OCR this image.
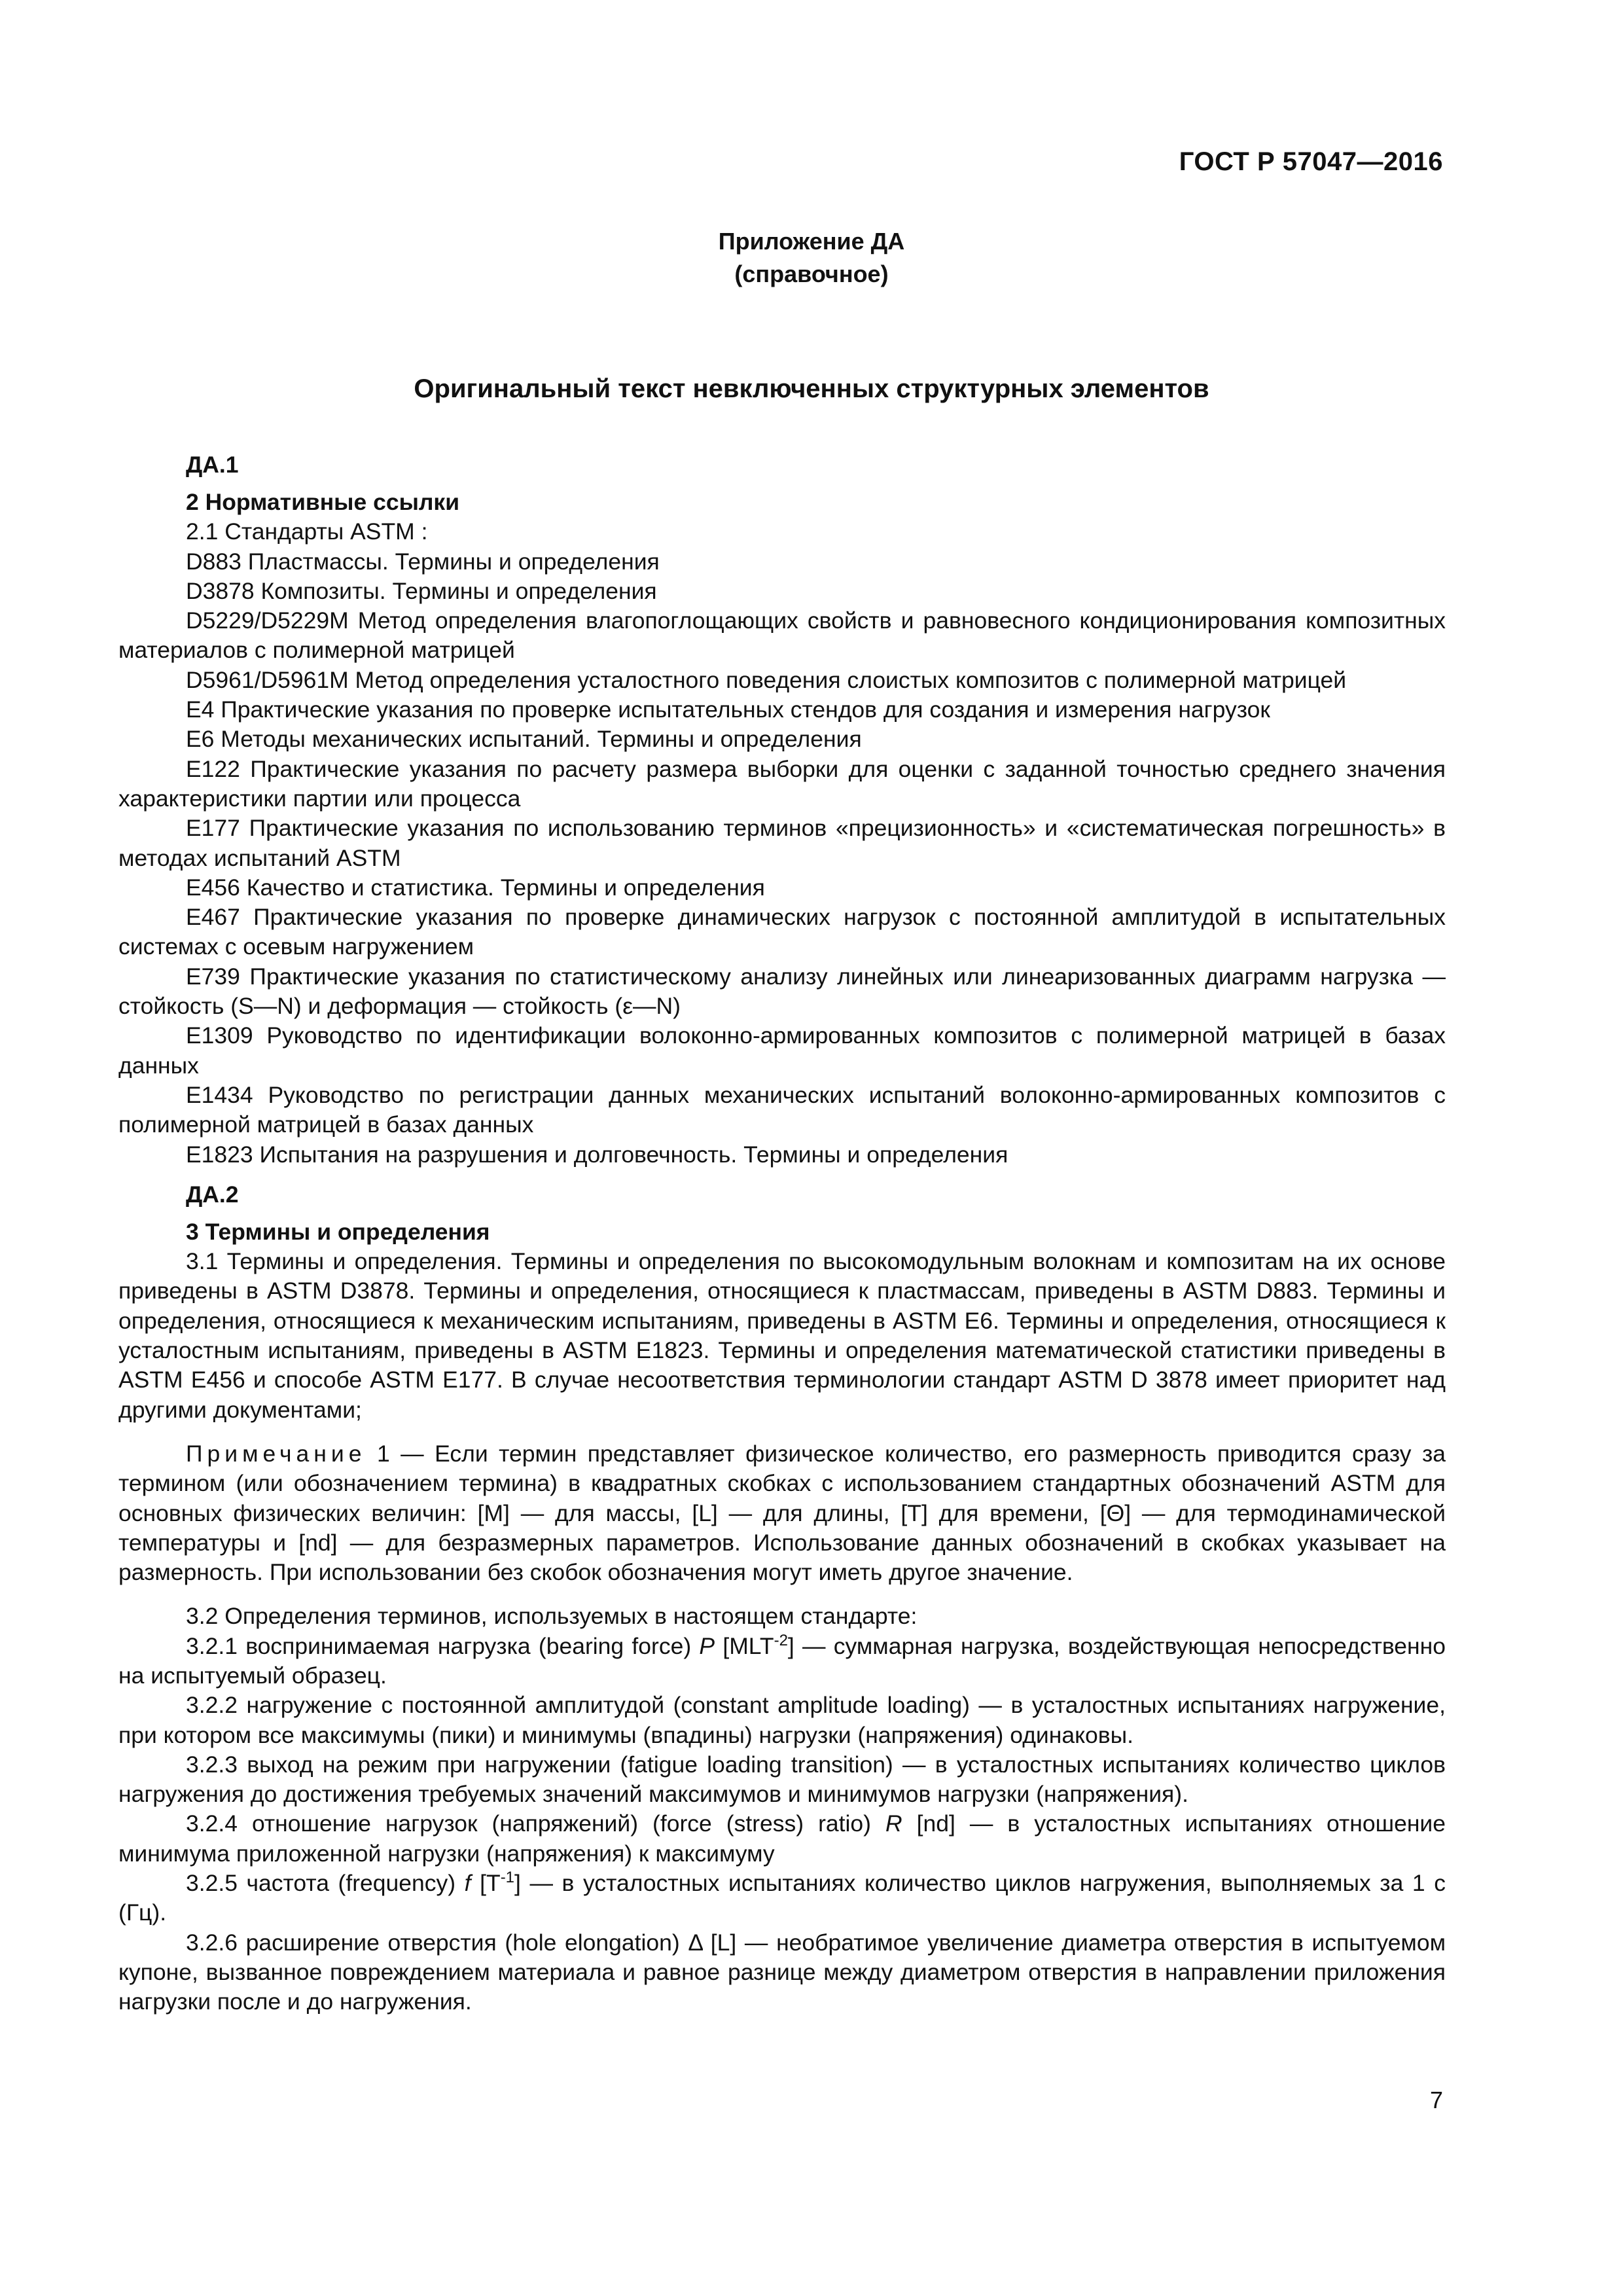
ГОСТ Р 57047—2016
Приложение ДА
(справочное)
Оригинальный текст невключенных структурных элементов
ДА.1
2 Нормативные ссылки

2.1 Стандарты ASTM :

D883 Пластмассы. Термины и определения

D3878 Композиты. Термины и определения

D5229/D5229M Метод определения влагопоглощающих свойств и равновесного кондиционирования композитных материалов с полимерной матрицей

D5961/D5961M Метод определения усталостного поведения слоистых композитов с полимерной матрицей

E4 Практические указания по проверке испытательных стендов для создания и измерения нагрузок

E6 Методы механических испытаний. Термины и определения

E122 Практические указания по расчету размера выборки для оценки с заданной точностью среднего значения характеристики партии или процесса

E177 Практические указания по использованию терминов «прецизионность» и «систематическая погрешность» в методах испытаний ASTM

E456 Качество и статистика. Термины и определения

E467 Практические указания по проверке динамических нагрузок с постоянной амплитудой в испытательных системах с осевым нагружением

E739 Практические указания по статистическому анализу линейных или линеаризованных диаграмм нагрузка — стойкость (S—N) и деформация — стойкость (ε—N)

E1309 Руководство по идентификации волоконно-армированных композитов с полимерной матрицей в базах данных

E1434 Руководство по регистрации данных механических испытаний волоконно-армированных композитов с полимерной матрицей в базах данных

E1823 Испытания на разрушения и долговечность. Термины и определения

ДА.2
3 Термины и определения

3.1 Термины и определения. Термины и определения по высокомодульным волокнам и композитам на их основе приведены в ASTM D3878. Термины и определения, относящиеся к пластмассам, приведены в ASTM D883. Термины и определения, относящиеся к механическим испытаниям, приведены в ASTM E6. Термины и определения, относящиеся к усталостным испытаниям, приведены в ASTM E1823. Термины и определения математической статистики приведены в ASTM E456 и способе ASTM E177. В случае несоответствия терминологии стандарт ASTM D 3878 имеет приоритет над другими документами;

Примечание 1 — Если термин представляет физическое количество, его размерность приводится сразу за термином (или обозначением термина) в квадратных скобках с использованием стандартных обозначений ASTM для основных физических величин: [M] — для массы, [L] — для длины, [T] для времени, [Θ] — для термодинамической температуры и [nd] — для безразмерных параметров. Использование данных обозначений в скобках указывает на размерность. При использовании без скобок обозначения могут иметь другое значение.

3.2 Определения терминов, используемых в настоящем стандарте:

3.2.1 воспринимаемая нагрузка (bearing force) P $[MLT^{-2}]$ — суммарная нагрузка, воздействующая непосредственно на испытуемый образец.

3.2.2 нагружение с постоянной амплитудой (constant amplitude loading) — в усталостных испытаниях нагружение, при котором все максимумы (пики) и минимумы (впадины) нагрузки (напряжения) одинаковы.

3.2.3 выход на режим при нагружении (fatigue loading transition) — в усталостных испытаниях количество циклов нагружения до достижения требуемых значений максимумов и минимумов нагрузки (напряжения).

3.2.4 отношение нагрузок (напряжений) (force (stress) ratio) R [nd] — в усталостных испытаниях отношение минимума приложенной нагрузки (напряжения) к максимуму

3.2.5 частота (frequency) f $[T^{-1}]$ — в усталостных испытаниях количество циклов нагружения, выполняемых за 1 с (Гц).

3.2.6 расширение отверстия (hole elongation) Δ [L] — необратимое увеличение диаметра отверстия в испытуемом купоне, вызванное повреждением материала и равное разнице между диаметром отверстия в направлении приложения нагрузки после и до нагружения.

7
